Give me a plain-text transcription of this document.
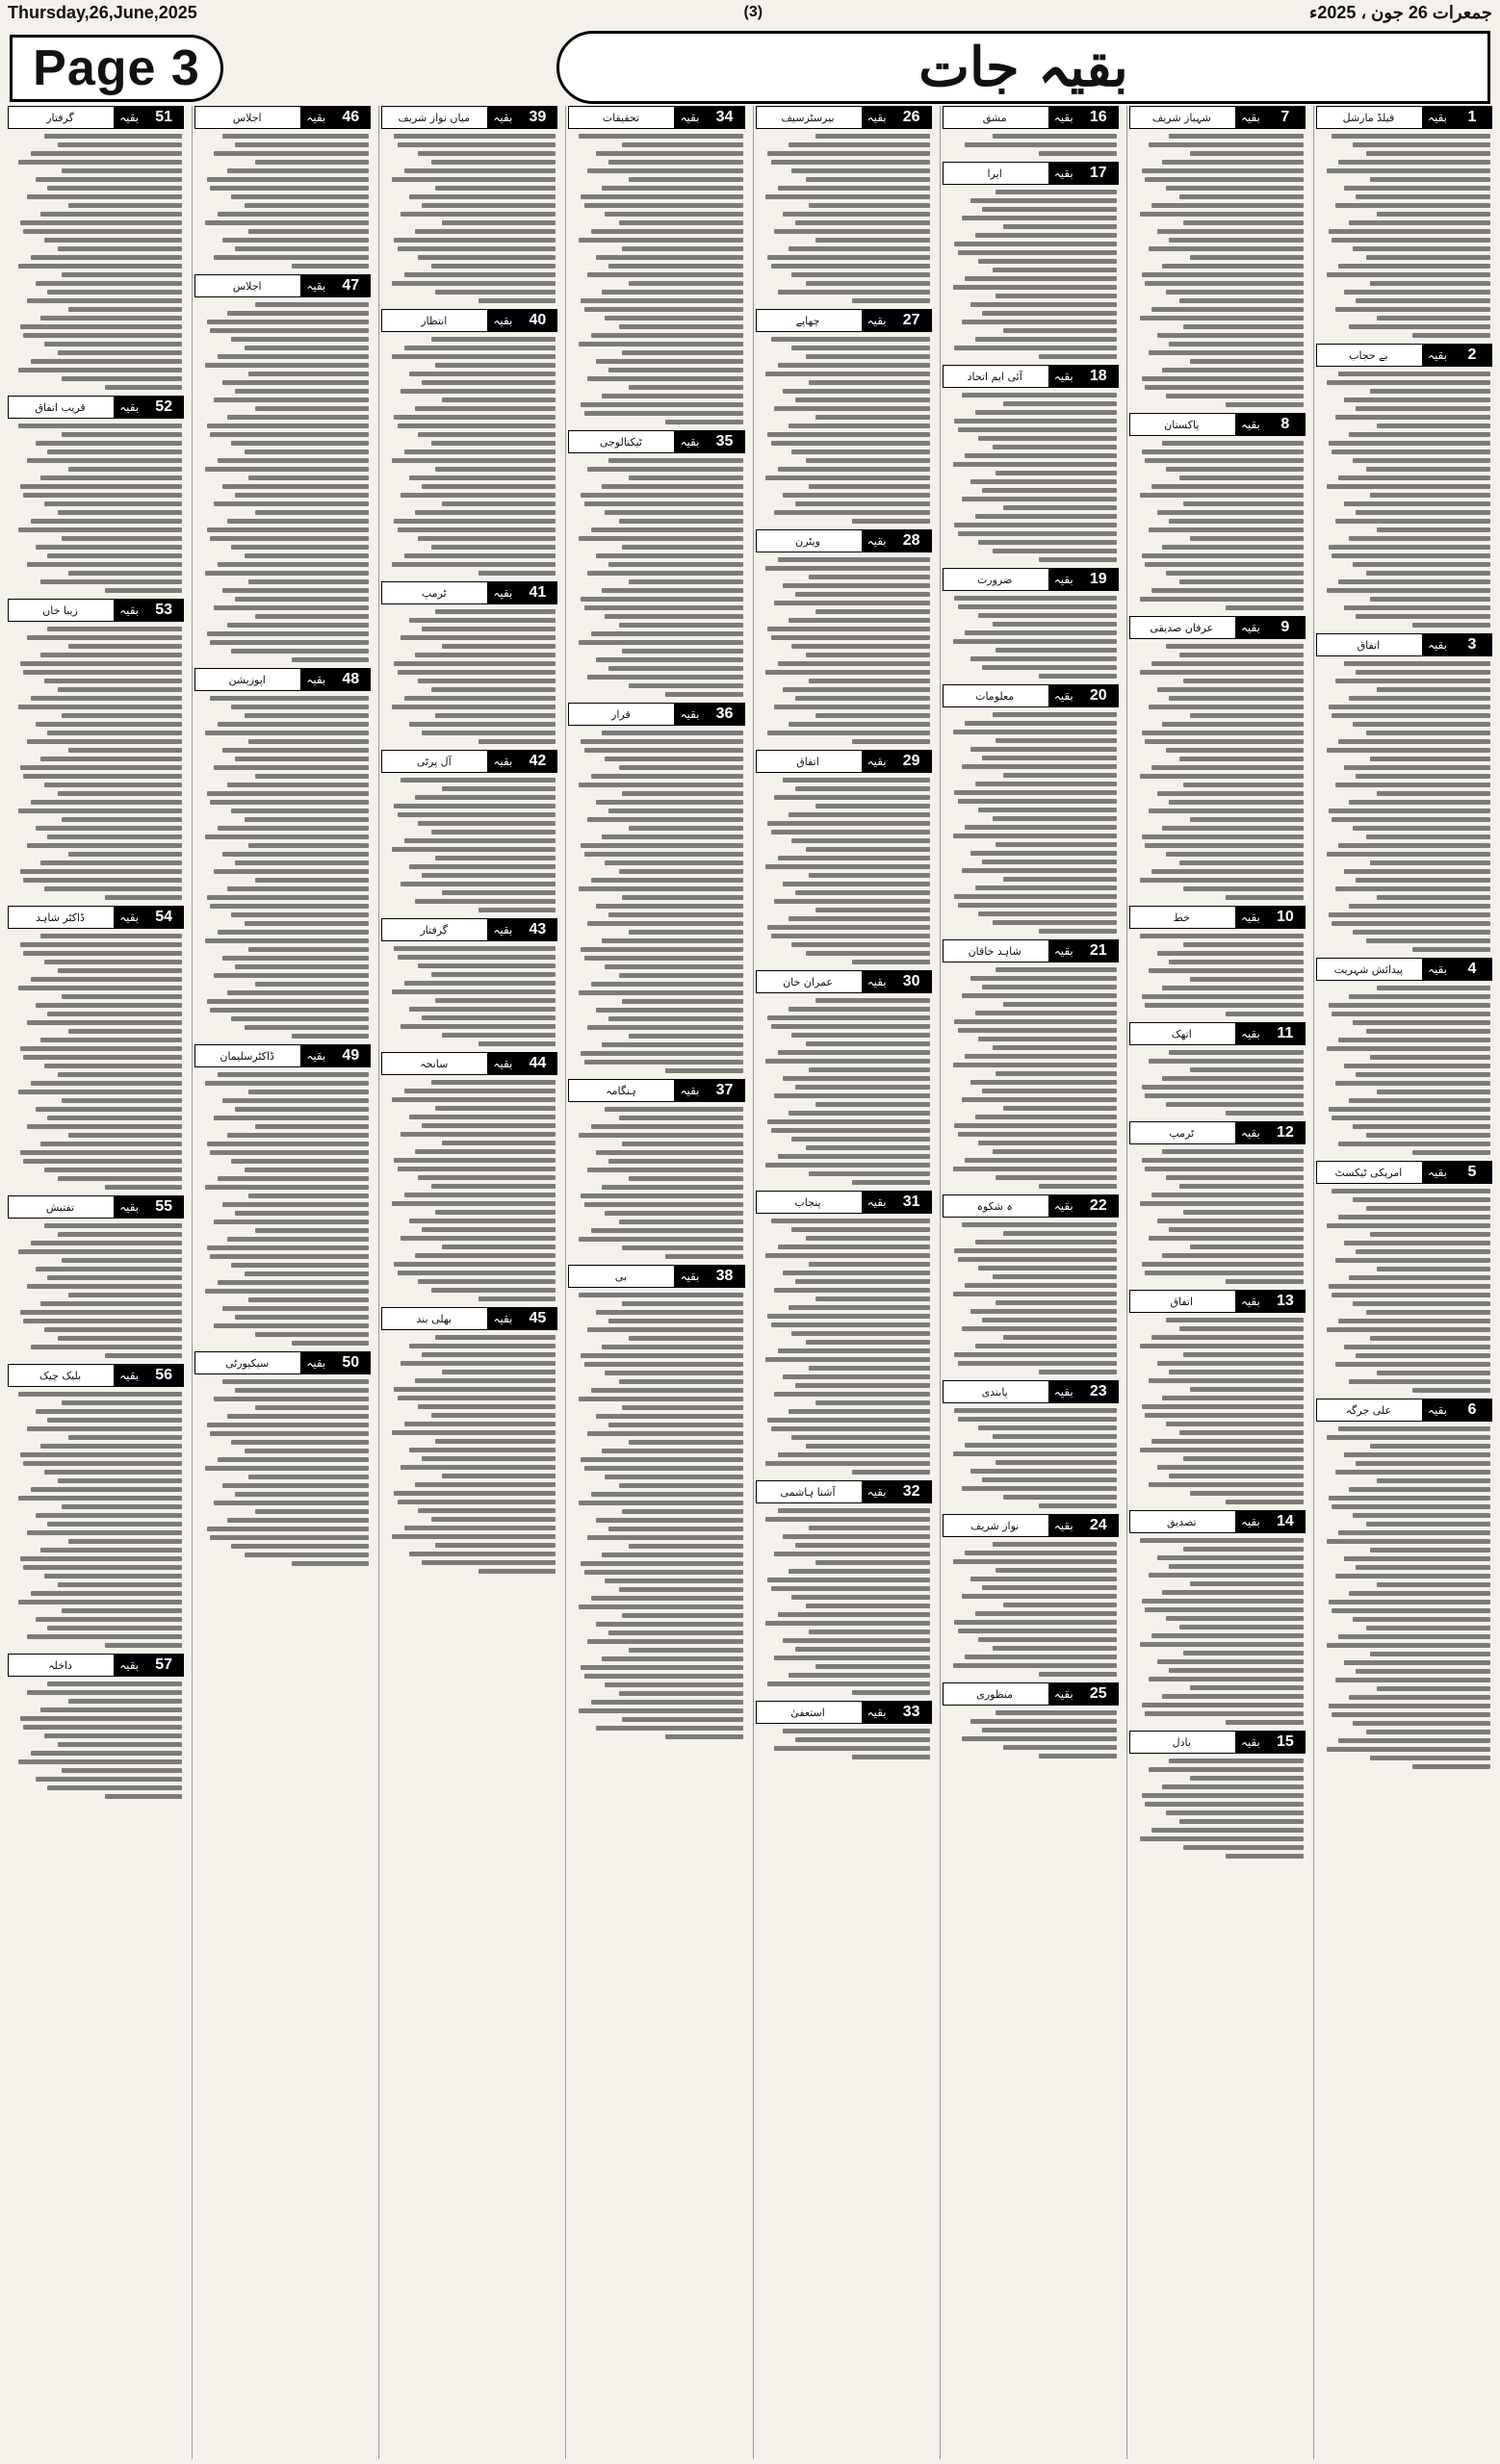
Thursday,26,June,2025	(3)	جمعرات 26 جون ، 2025ء
Page 3	بقیہ جات
1
بقیہ
فیلڈ مارشل
2
بقیہ
بے حجاب
3
بقیہ
اتفاق
4
بقیہ
پیدائش شہریت
5
بقیہ
امریکی ٹیکسٹ
6
بقیہ
علی جرگہ
7
بقیہ
شہباز شریف
8
بقیہ
پاکستان
9
بقیہ
عرفان صدیقی
10
بقیہ
خط
11
بقیہ
اتھک
12
بقیہ
ٹرمپ
13
بقیہ
اتفاق
14
بقیہ
تصدیق
15
بقیہ
بادل
16
بقیہ
مشق
17
بقیہ
ایرا
18
بقیہ
آئی ایم اتحاد
19
بقیہ
ضرورت
20
بقیہ
معلومات
21
بقیہ
شاہد خاقان
22
بقیہ
ہ شکوہ
23
بقیہ
پابندی
24
بقیہ
نواز شریف
25
بقیہ
منظوری
26
بقیہ
بیرسٹرسیف
27
بقیہ
چھاپے
28
بقیہ
ویٹرن
29
بقیہ
اتفاق
30
بقیہ
عمران خان
31
بقیہ
پنجاب
32
بقیہ
آشنا ہاشمی
33
بقیہ
استعفیٰ
34
بقیہ
تحقیقات
35
بقیہ
ٹیکنالوجی
36
بقیہ
قرار
37
بقیہ
ہنگامہ
38
بقیہ
بی
39
بقیہ
میاں نواز شریف
40
بقیہ
انتظار
41
بقیہ
ٹرمپ
42
بقیہ
آل پرٹی
43
بقیہ
گرفتار
44
بقیہ
سانحہ
45
بقیہ
بھلی بند
46
بقیہ
اجلاس
47
بقیہ
اجلاس
48
بقیہ
اپوزیشن
49
بقیہ
ڈاکٹرسلیمان
50
بقیہ
سیکیورٹی
51
بقیہ
گرفتار
52
بقیہ
قریب اتفاق
53
بقیہ
زیبا خاں
54
بقیہ
ڈاکٹر شاہد
55
بقیہ
تفتیش
56
بقیہ
بلیک چیک
57
بقیہ
داخلہ
